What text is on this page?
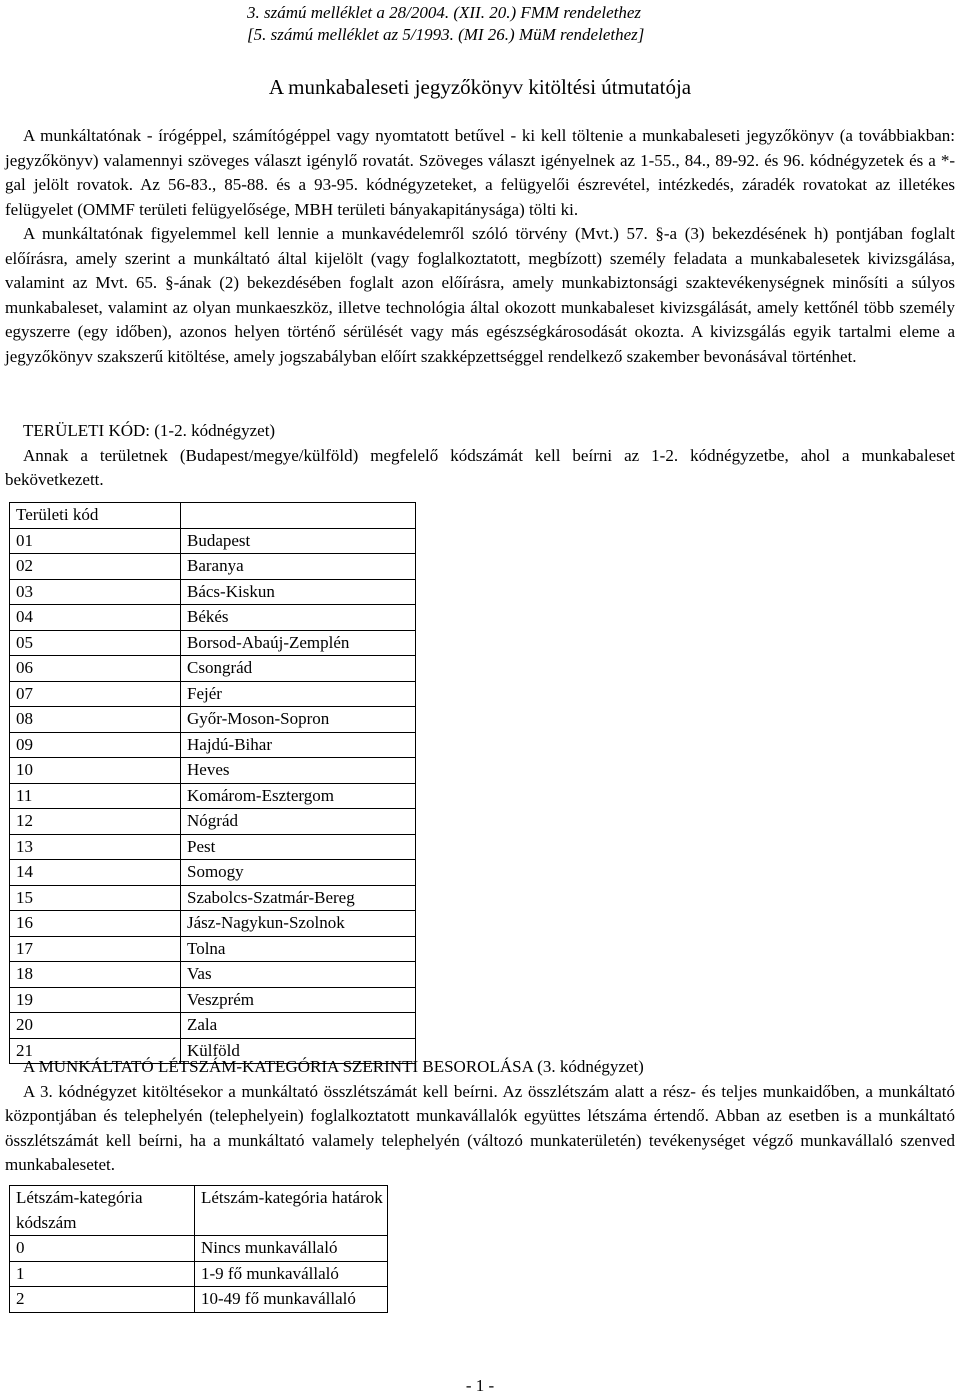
3. számú melléklet a 28/2004. (XII. 20.) FMM rendelethez
[5. számú melléklet az 5/1993. (MI 26.) MüM rendelethez]
A munkabaleseti jegyzőkönyv kitöltési útmutatója

A munkáltatónak - írógéppel, számítógéppel vagy nyomtatott betűvel - ki kell töltenie a munkabaleseti jegyzőkönyv (a továbbiakban: jegyzőkönyv) valamennyi szöveges választ igénylő rovatát. Szöveges választ igényelnek az 1-55., 84., 89-92. és 96. kódnégyzetek és a *-gal jelölt rovatok. Az 56-83., 85-88. és a 93-95. kódnégyzeteket, a felügyelői észrevétel, intézkedés, záradék rovatokat az illetékes felügyelet (OMMF területi felügyelősége, MBH területi bányakapitánysága) tölti ki.

A munkáltatónak figyelemmel kell lennie a munkavédelemről szóló törvény (Mvt.) 57. §-a (3) bekezdésének h) pontjában foglalt előírásra, amely szerint a munkáltató által kijelölt (vagy foglalkoztatott, megbízott) személy feladata a munkabalesetek kivizsgálása, valamint az Mvt. 65. §-ának (2) bekezdésében foglalt azon előírásra, amely munkabiztonsági szaktevékenységnek minősíti a súlyos munkabaleset, valamint az olyan munkaeszköz, illetve technológia által okozott munkabaleset kivizsgálását, amely kettőnél több személy egyszerre (egy időben), azonos helyen történő sérülését vagy más egészségkárosodását okozta. A kivizsgálás egyik tartalmi eleme a jegyzőkönyv szakszerű kitöltése, amely jogszabályban előírt szakképzettséggel rendelkező szakember bevonásával történhet.

TERÜLETI KÓD: (1-2. kódnégyzet)

Annak a területnek (Budapest/megye/külföld) megfelelő kódszámát kell beírni az 1-2. kódnégyzetbe, ahol a munkabaleset bekövetkezett.

Területi kód	
01	Budapest
02	Baranya
03	Bács-Kiskun
04	Békés
05	Borsod-Abaúj-Zemplén
06	Csongrád
07	Fejér
08	Győr-Moson-Sopron
09	Hajdú-Bihar
10	Heves
11	Komárom-Esztergom
12	Nógrád
13	Pest
14	Somogy
15	Szabolcs-Szatmár-Bereg
16	Jász-Nagykun-Szolnok
17	Tolna
18	Vas
19	Veszprém
20	Zala
21	Külföld

A MUNKÁLTATÓ LÉTSZÁM-KATEGÓRIA SZERINTI BESOROLÁSA (3. kódnégyzet)

A 3. kódnégyzet kitöltésekor a munkáltató összlétszámát kell beírni. Az összlétszám alatt a rész- és teljes munkaidőben, a munkáltató központjában és telephelyén (telephelyein) foglalkoztatott munkavállalók együttes létszáma értendő. Abban az esetben is a munkáltató összlétszámát kell beírni, ha a munkáltató valamely telephelyén (változó munkaterületén) tevékenységet végző munkavállaló szenved munkabalesetet.

Létszám-kategória kódszám	Létszám-kategória határok
0	Nincs munkavállaló
1	1-9 fő munkavállaló
2	10-49 fő munkavállaló
- 1 -
